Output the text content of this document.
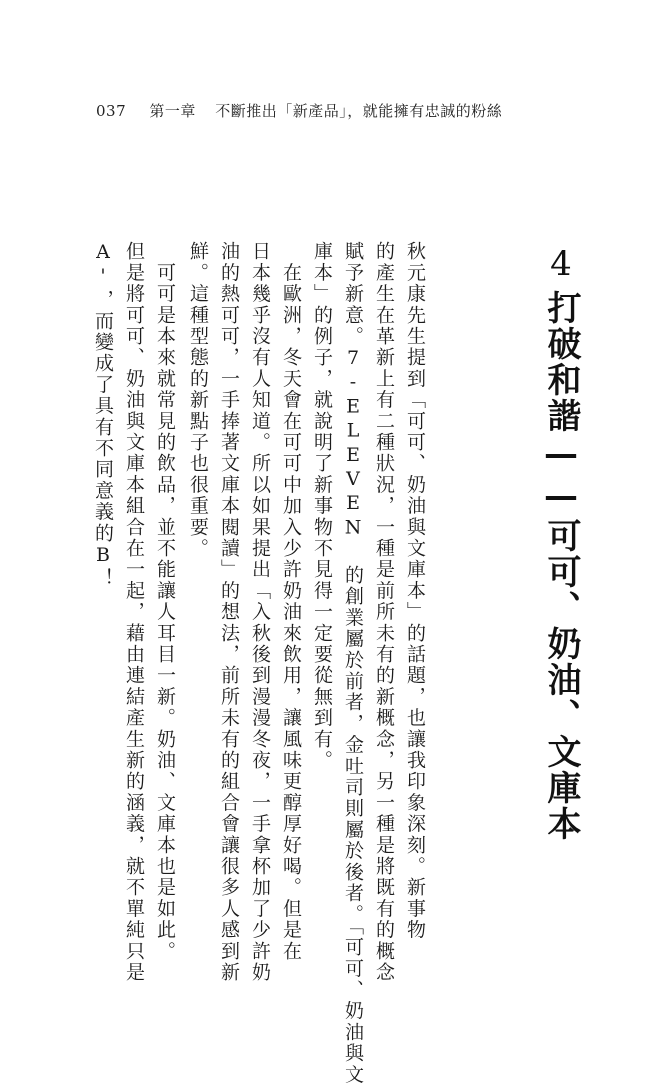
037 第一章 不斷推出「新產品」，就能擁有忠誠的粉絲
4

打破和諧——可可、奶油、文庫本

秋元康先生提到「可可、奶油與文庫本」的話題，也讓我印象深刻。新事物

的產生在革新上有二種狀況，一種是前所未有的新概念，另一種是將既有的概念

賦予新意。7-ELEVEN 的創業屬於前者，金吐司則屬於後者。「可可、奶油與文

庫本」的例子，就說明了新事物不見得一定要從無到有。

　在歐洲，冬天會在可可中加入少許奶油來飲用，讓風味更醇厚好喝。但是在

日本幾乎沒有人知道。所以如果提出「入秋後到漫漫冬夜，一手拿杯加了少許奶

油的熱可可，一手捧著文庫本閱讀」的想法，前所未有的組合會讓很多人感到新

鮮。這種型態的新點子也很重要。

　可可是本來就常見的飲品，並不能讓人耳目一新。奶油、文庫本也是如此。

但是將可可、奶油與文庫本組合在一起，藉由連結產生新的涵義，就不單純只是

A'，而變成了具有不同意義的B！
